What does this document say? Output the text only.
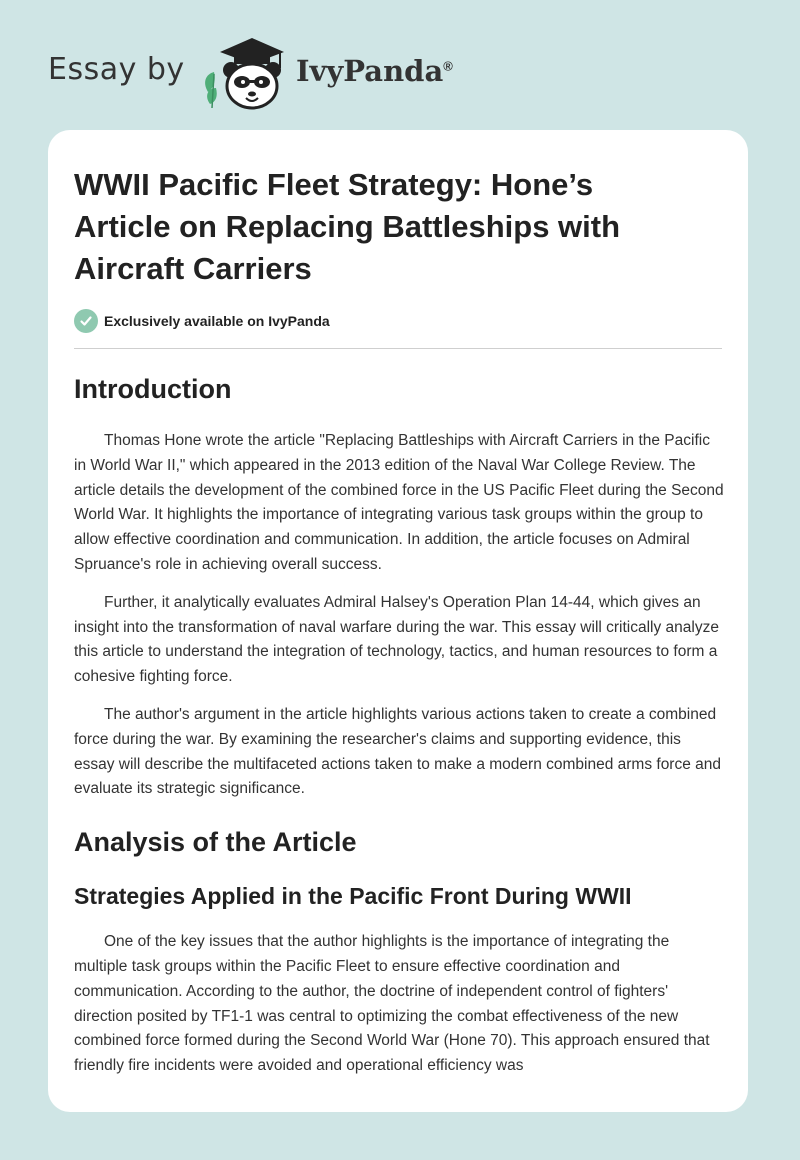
Essay by	IvyPanda®
WWII Pacific Fleet Strategy: Hone’s Article on Replacing Battleships with Aircraft Carriers
Exclusively available on IvyPanda
Introduction

Thomas Hone wrote the article "Replacing Battleships with Aircraft Carriers in the Pacific in World War II," which appeared in the 2013 edition of the Naval War College Review. The article details the development of the combined force in the US Pacific Fleet during the Second World War. It highlights the importance of integrating various task groups within the group to allow effective coordination and communication. In addition, the article focuses on Admiral Spruance's role in achieving overall success.

Further, it analytically evaluates Admiral Halsey's Operation Plan 14-44, which gives an insight into the transformation of naval warfare during the war. This essay will critically analyze this article to understand the integration of technology, tactics, and human resources to form a cohesive fighting force.

The author's argument in the article highlights various actions taken to create a combined force during the war. By examining the researcher's claims and supporting evidence, this essay will describe the multifaceted actions taken to make a modern combined arms force and evaluate its strategic significance.

Analysis of the Article
Strategies Applied in the Pacific Front During WWII

One of the key issues that the author highlights is the importance of integrating the multiple task groups within the Pacific Fleet to ensure effective coordination and communication. According to the author, the doctrine of independent control of fighters' direction posited by TF1-1 was central to optimizing the combat effectiveness of the new combined force formed during the Second World War (Hone 70). This approach ensured that friendly fire incidents were avoided and operational efficiency was
